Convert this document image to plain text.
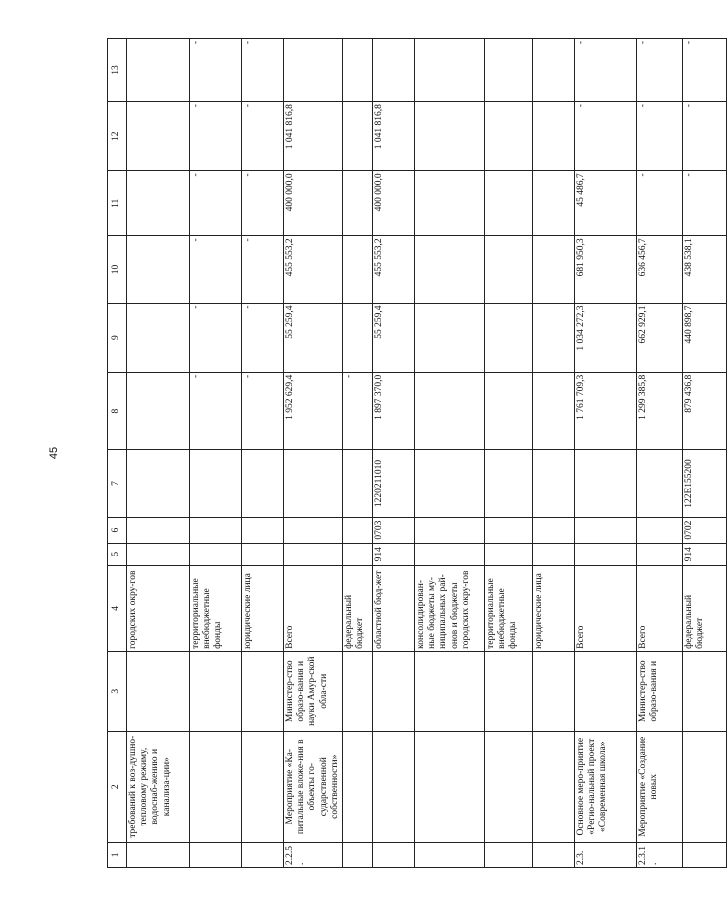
45
1	2	3	4	5	6	7	8	9	10	11	12	13
	требований к воз-душно-тепловому режиму, водоснаб-жению и канализа-ции»		городских окру-гов									
			территориальные внебюджетные фонды				-	-	-	-	-	-
			юридические лица				-	-	-	-	-	-
2.2.5.	Мероприятие «Ка-питальные вложе-ния в объекты го-сударственной собственности»	Министер-ство образо-вания и науки Амур-ской обла-сти	Всего				1 952 629,4	55 259,4	455 553,2	400 000,0	1 041 816,8	
			федеральный бюджет				-					
			областной бюд-жет	914	0703	1220211010	1 897 370,0	55 259,4	455 553,2	400 000,0	1 041 816,8	
			консолидирован-ные бюджеты му-ниципальных рай-онов и бюджеты городских окру-гов									
			территориальные внебюджетные фонды									
			юридические лица									
2.3.	Основное меро-приятие «Регио-нальный проект «Современная школа»		Всего				1 761 709,3	1 034 272,3	681 950,3	45 486,7	-	-
2.3.1.	Мероприятие «Создание новых	Министер-ство образо-вания и	Всего				1 299 385,8	662 929,1	636 456,7	-	-	-
			федеральный бюджет	914	0702	122E155200	879 436,8	440 898,7	438 538,1	-	-	-
